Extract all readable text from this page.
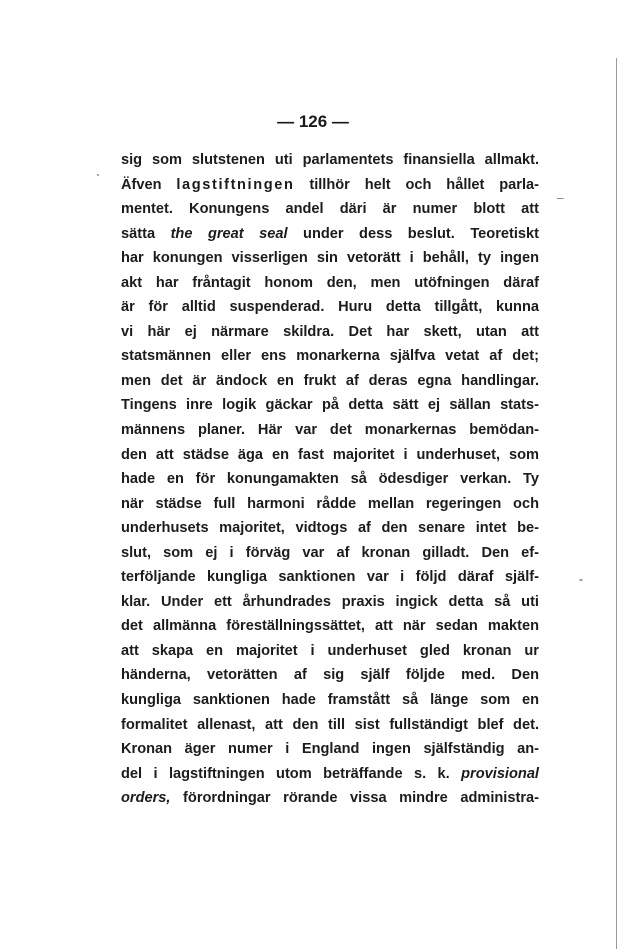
— 126 —
sig som slutstenen uti parlamentets finansiella allmakt.
Äfven lagstiftningen tillhör helt och hållet parla-
mentet. Konungens andel däri är numer blott att
sätta the great seal under dess beslut. Teoretiskt
har konungen visserligen sin vetorätt i behåll, ty ingen
akt har fråntagit honom den, men utöfningen däraf
är för alltid suspenderad. Huru detta tillgått, kunna
vi här ej närmare skildra. Det har skett, utan att
statsmännen eller ens monarkerna själfva vetat af det;
men det är ändock en frukt af deras egna handlingar.
Tingens inre logik gäckar på detta sätt ej sällan stats-
männens planer. Här var det monarkernas bemödan-
den att städse äga en fast majoritet i underhuset, som
hade en för konungamakten så ödesdiger verkan. Ty
när städse full harmoni rådde mellan regeringen och
underhusets majoritet, vidtogs af den senare intet be-
slut, som ej i förväg var af kronan gilladt. Den ef-
terföljande kungliga sanktionen var i följd däraf själf-
klar. Under ett århundrades praxis ingick detta så uti
det allmänna föreställningssättet, att när sedan makten
att skapa en majoritet i underhuset gled kronan ur
händerna, vetorätten af sig själf följde med. Den
kungliga sanktionen hade framstått så länge som en
formalitet allenast, att den till sist fullständigt blef det.
Kronan äger numer i England ingen själfständig an-
del i lagstiftningen utom beträffande s. k. provisional
orders, förordningar rörande vissa mindre administra-
ˋ
¯
-
